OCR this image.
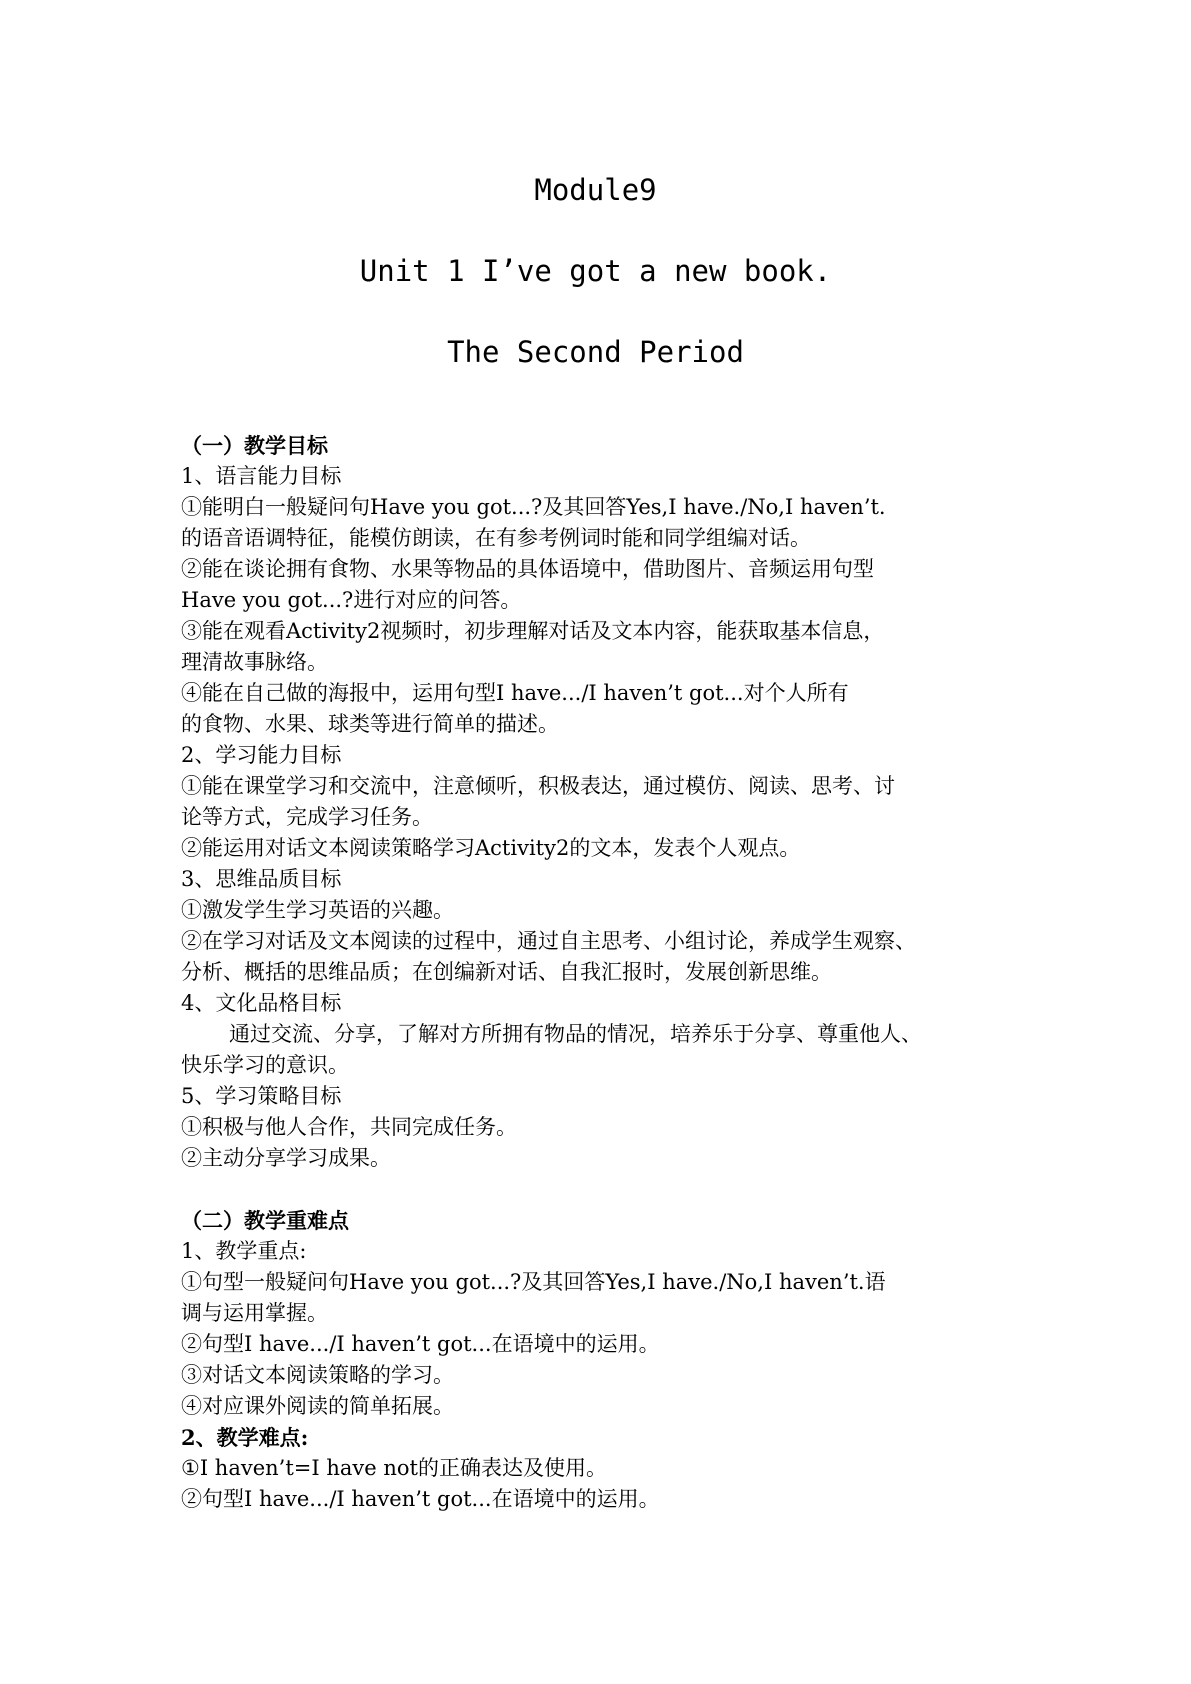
Module9
Unit 1 I’ve got a new book.
The Second Period
（一）教学目标
1、语言能力目标
①能明白一般疑问句Have you got...?及其回答Yes,I have./No,I haven’t.
的语音语调特征，能模仿朗读，在有参考例词时能和同学组编对话。
②能在谈论拥有食物、水果等物品的具体语境中，借助图片、音频运用句型
Have you got...?进行对应的问答。
③能在观看Activity2视频时，初步理解对话及文本内容，能获取基本信息，
理清故事脉络。
④能在自己做的海报中，运用句型I have.../I haven’t got...对个人所有
的食物、水果、球类等进行简单的描述。
2、学习能力目标
①能在课堂学习和交流中，注意倾听，积极表达，通过模仿、阅读、思考、讨
论等方式，完成学习任务。
②能运用对话文本阅读策略学习Activity2的文本，发表个人观点。
3、思维品质目标
①激发学生学习英语的兴趣。
②在学习对话及文本阅读的过程中，通过自主思考、小组讨论，养成学生观察、
分析、概括的思维品质；在创编新对话、自我汇报时，发展创新思维。
4、文化品格目标
通过交流、分享，了解对方所拥有物品的情况，培养乐于分享、尊重他人、
快乐学习的意识。
5、学习策略目标
①积极与他人合作，共同完成任务。
②主动分享学习成果。
（二）教学重难点
1、教学重点:
①句型一般疑问句Have you got...?及其回答Yes,I have./No,I haven’t.语
调与运用掌握。
②句型I have.../I haven’t got...在语境中的运用。
③对话文本阅读策略的学习。
④对应课外阅读的简单拓展。
2、教学难点:
①I haven’t=I have not的正确表达及使用。
②句型I have.../I haven’t got...在语境中的运用。
